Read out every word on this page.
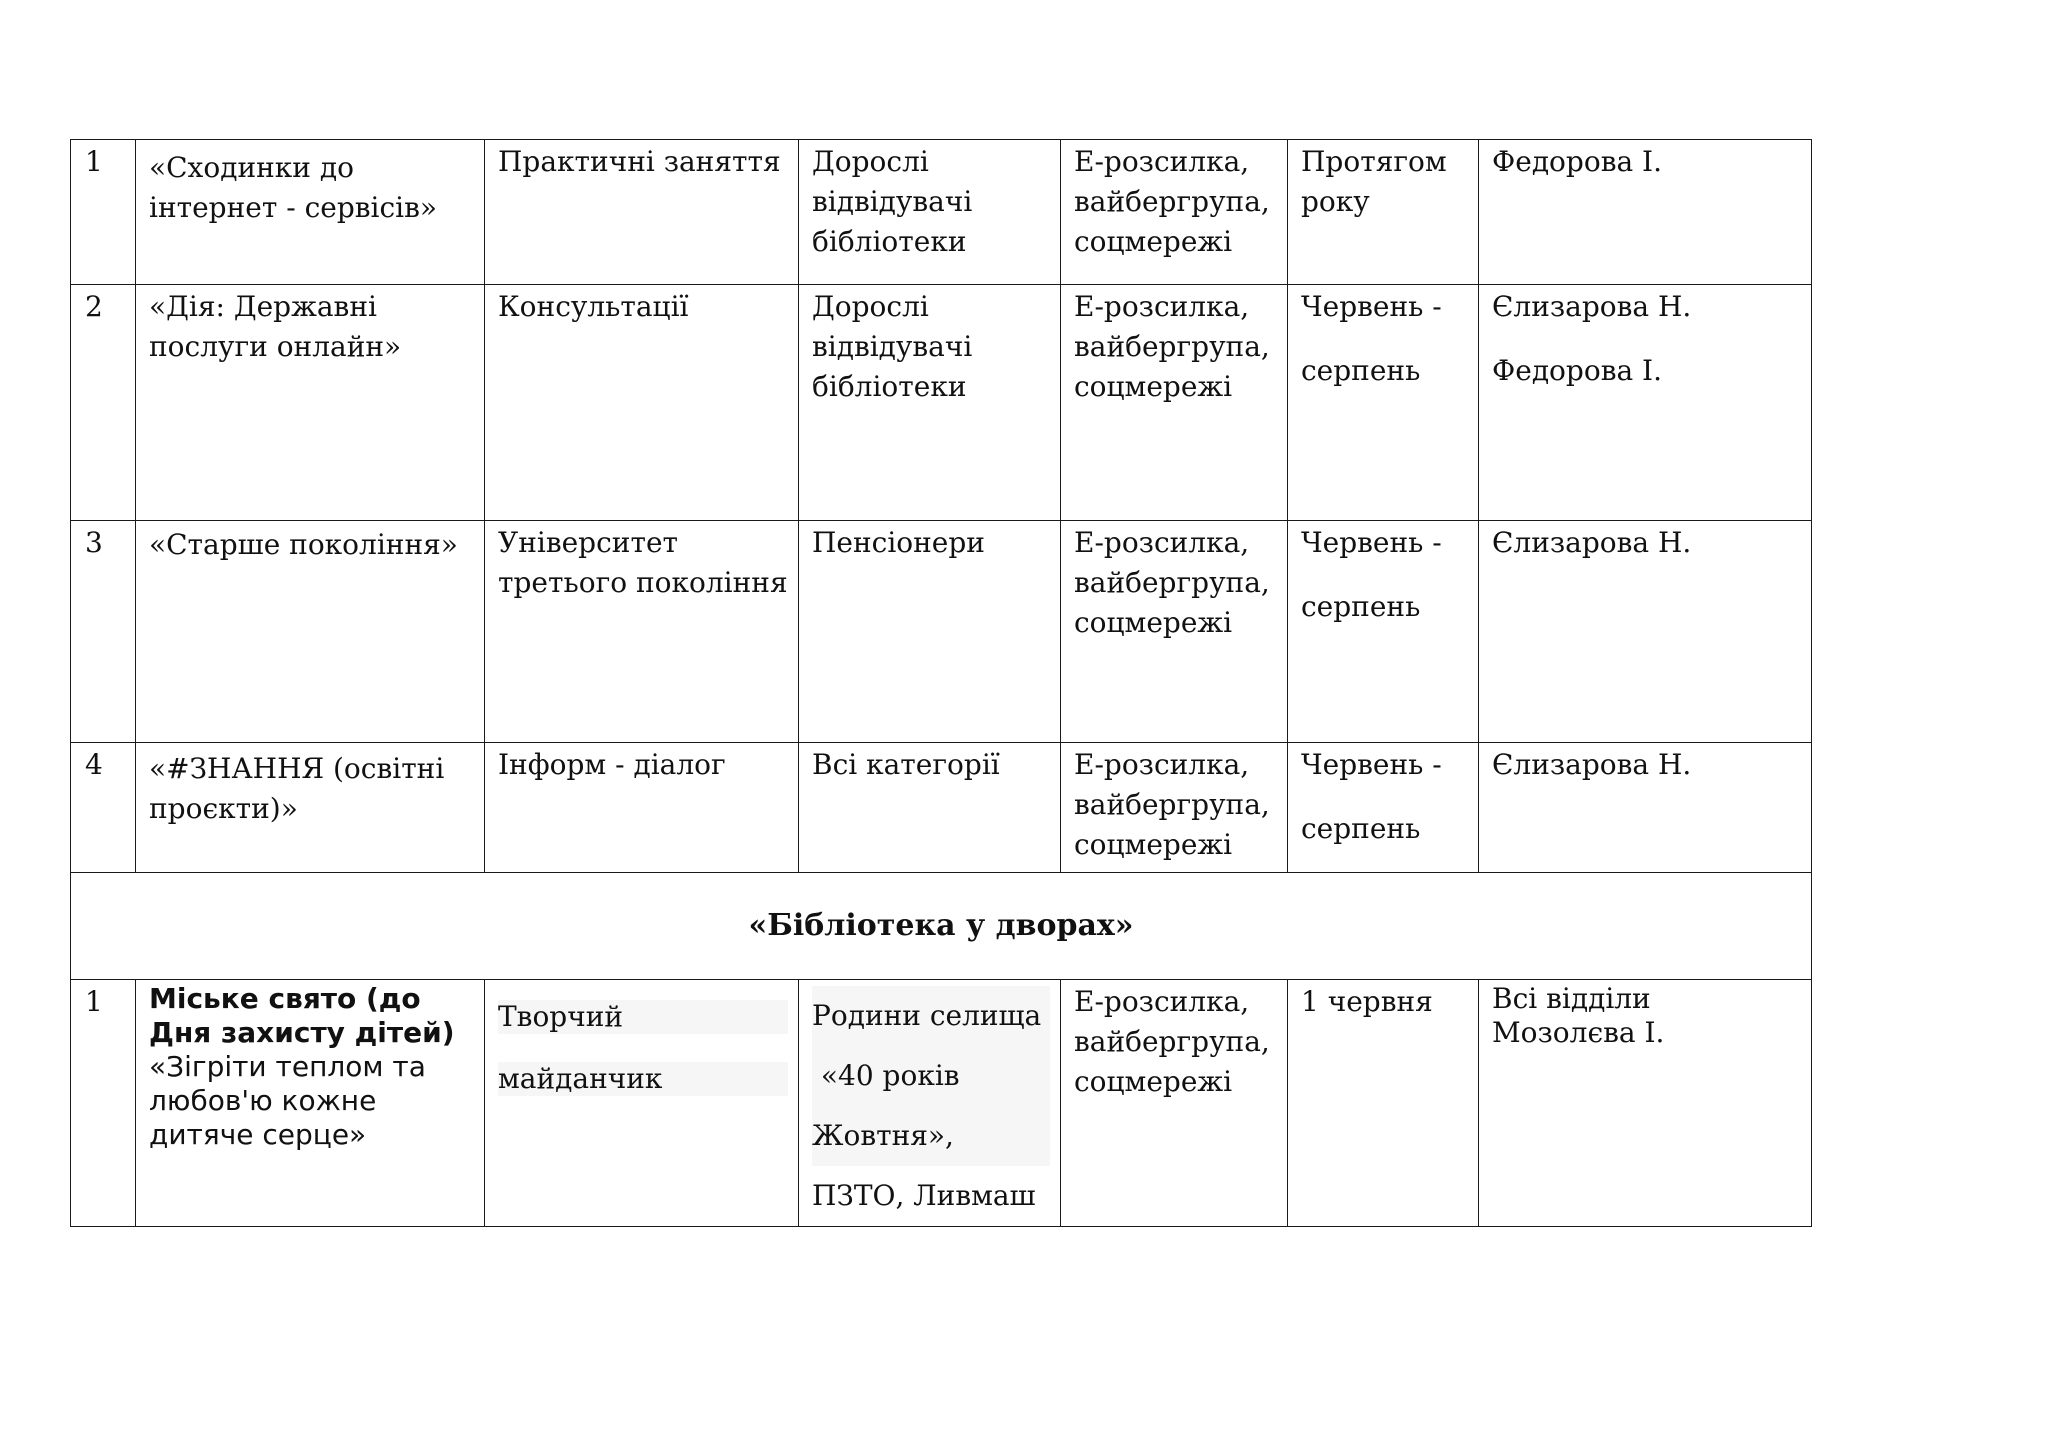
1	«Сходинки до
інтернет - сервісів»	Практичні заняття	Дорослі
відвідувачі
бібліотеки	Е-розсилка,
вайбергрупа,
соцмережі	Протягом
року	Федорова І.

2	«Дія: Державні
послуги онлайн»	Консультації	Дорослі
відвідувачі
бібліотеки	Е-розсилка,
вайбергрупа,
соцмережі	Червень -
серпень	Єлизарова Н.
Федорова І.

3	«Старше покоління»	Університет
третього покоління	Пенсіонери	Е-розсилка,
вайбергрупа,
соцмережі	Червень -
серпень	Єлизарова Н.

4	«#ЗНАННЯ (освітні
проєкти)»	Інформ - діалог	Всі категорії	Е-розсилка,
вайбергрупа,
соцмережі	Червень -
серпень	Єлизарова Н.

«Бібліотека у дворах»						
1	Міське свято (до
Дня захисту дітей)
«Зігріти теплом та
любов'ю кожне
дитяче серце»	Творчий
майданчик	Родини селища
«40 років
Жовтня»,
ПЗТО, Ливмаш	Е-розсилка,
вайбергрупа,
соцмережі	1 червня	Всі відділи
Мозолєва І.
